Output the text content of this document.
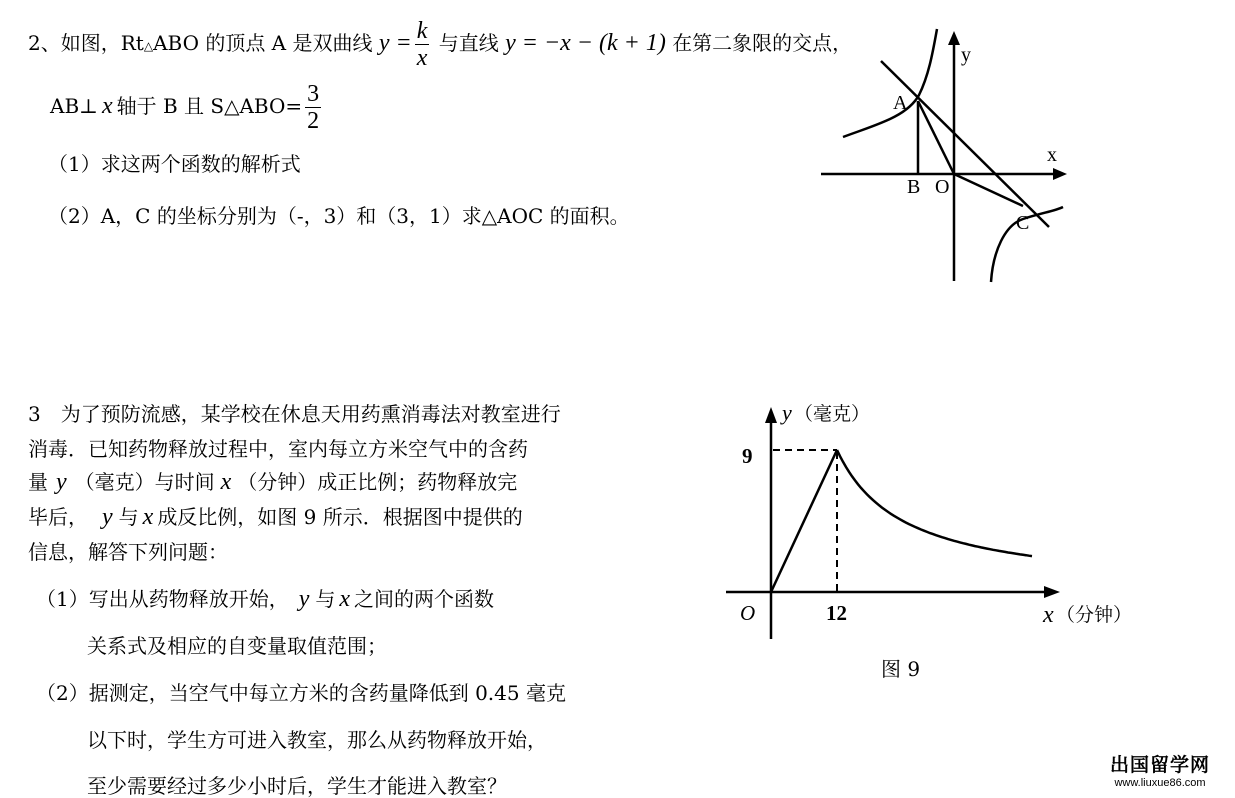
2、如图，Rt△ABO 的顶点 A 是双曲线 $y = \frac{k}{x}$ 与直线 y = −x − (k + 1) 在第二象限的交点，
AB⊥ x 轴于 B 且 S△ABO= $\frac{3}{2}$
（1）求这两个函数的解析式
（2）A，C 的坐标分别为（-，3）和（3，1）求△AOC 的面积。
y
x
A
B O
C
3　为了预防流感，某学校在休息天用药熏消毒法对教室进行
消毒．已知药物释放过程中，室内每立方米空气中的含药
量 y （毫克）与时间 x （分钟）成正比例；药物释放完
毕后， y 与 x 成反比例，如图 9 所示．根据图中提供的
信息，解答下列问题：
（1）写出从药物释放开始， y 与 x 之间的两个函数
关系式及相应的自变量取值范围；
（2）据测定，当空气中每立方米的含药量降低到 0.45 毫克
以下时，学生方可进入教室，那么从药物释放开始，
至少需要经过多少小时后，学生才能进入教室？
y （毫克）
9
O	12	x （分钟）
图 9
出国留学网
www.liuxue86.com
